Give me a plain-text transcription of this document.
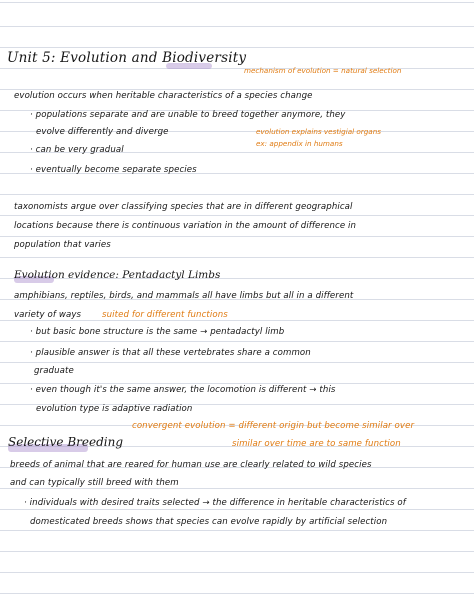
Unit 5: Evolution and Biodiversity
mechanism of evolution = natural selection
evolution occurs when heritable characteristics of a species change
· populations separate and are unable to breed together anymore, they
evolve differently and diverge	evolution explains vestigial organs
ex: appendix in humans
· can be very gradual
· eventually become separate species
taxonomists argue over classifying species that are in different geographical
locations because there is continuous variation in the amount of difference in
population that varies
Evolution evidence: Pentadactyl Limbs
amphibians, reptiles, birds, and mammals all have limbs but all in a different
variety of ways suited for different functions
· but basic bone structure is the same → pentadactyl limb
· plausible answer is that all these vertebrates share a common
graduate
· even though it's the same answer, the locomotion is different → this
evolution type is adaptive radiation
convergent evolution = different origin but become similar over
similar over time are to same function
Selective Breeding
breeds of animal that are reared for human use are clearly related to wild species
and can typically still breed with them
· individuals with desired traits selected → the difference in heritable characteristics of
domesticated breeds shows that species can evolve rapidly by artificial selection
